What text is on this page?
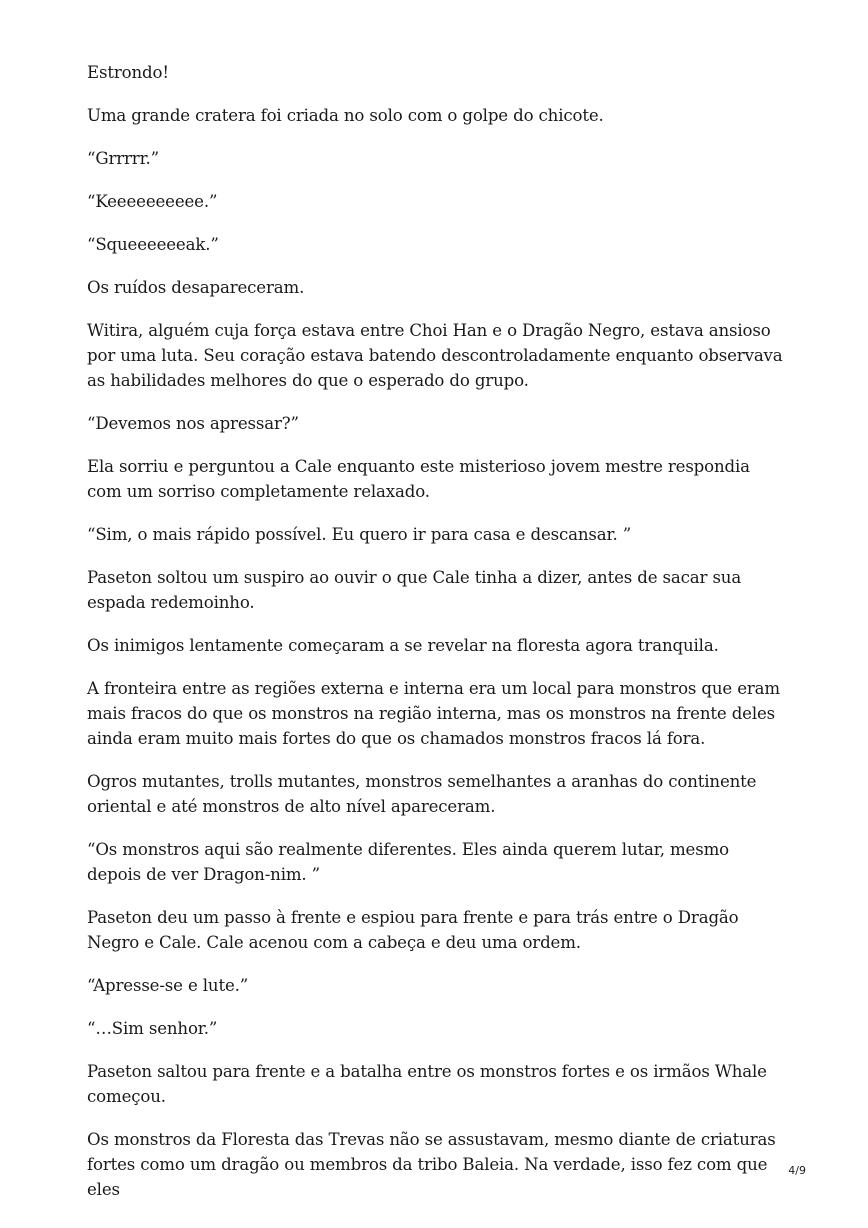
Estrondo!

Uma grande cratera foi criada no solo com o golpe do chicote.

“Grrrrr.”

“Keeeeeeeeee.”

“Squeeeeeeak.”

Os ruídos desapareceram.

Witira, alguém cuja força estava entre Choi Han e o Dragão Negro, estava ansioso por uma luta. Seu coração estava batendo descontroladamente enquanto observava as habilidades melhores do que o esperado do grupo.

“Devemos nos apressar?”

Ela sorriu e perguntou a Cale enquanto este misterioso jovem mestre respondia com um sorriso completamente relaxado.

“Sim, o mais rápido possível. Eu quero ir para casa e descansar. ”

Paseton soltou um suspiro ao ouvir o que Cale tinha a dizer, antes de sacar sua espada redemoinho.

Os inimigos lentamente começaram a se revelar na floresta agora tranquila.

A fronteira entre as regiões externa e interna era um local para monstros que eram mais fracos do que os monstros na região interna, mas os monstros na frente deles ainda eram muito mais fortes do que os chamados monstros fracos lá fora.

Ogros mutantes, trolls mutantes, monstros semelhantes a aranhas do continente oriental e até monstros de alto nível apareceram.

“Os monstros aqui são realmente diferentes. Eles ainda querem lutar, mesmo depois de ver Dragon-nim. ”

Paseton deu um passo à frente e espiou para frente e para trás entre o Dragão Negro e Cale. Cale acenou com a cabeça e deu uma ordem.

“Apresse-se e lute.”

“…Sim senhor.”

Paseton saltou para frente e a batalha entre os monstros fortes e os irmãos Whale começou.

Os monstros da Floresta das Trevas não se assustavam, mesmo diante de criaturas fortes como um dragão ou membros da tribo Baleia. Na verdade, isso fez com que eles

4/9
